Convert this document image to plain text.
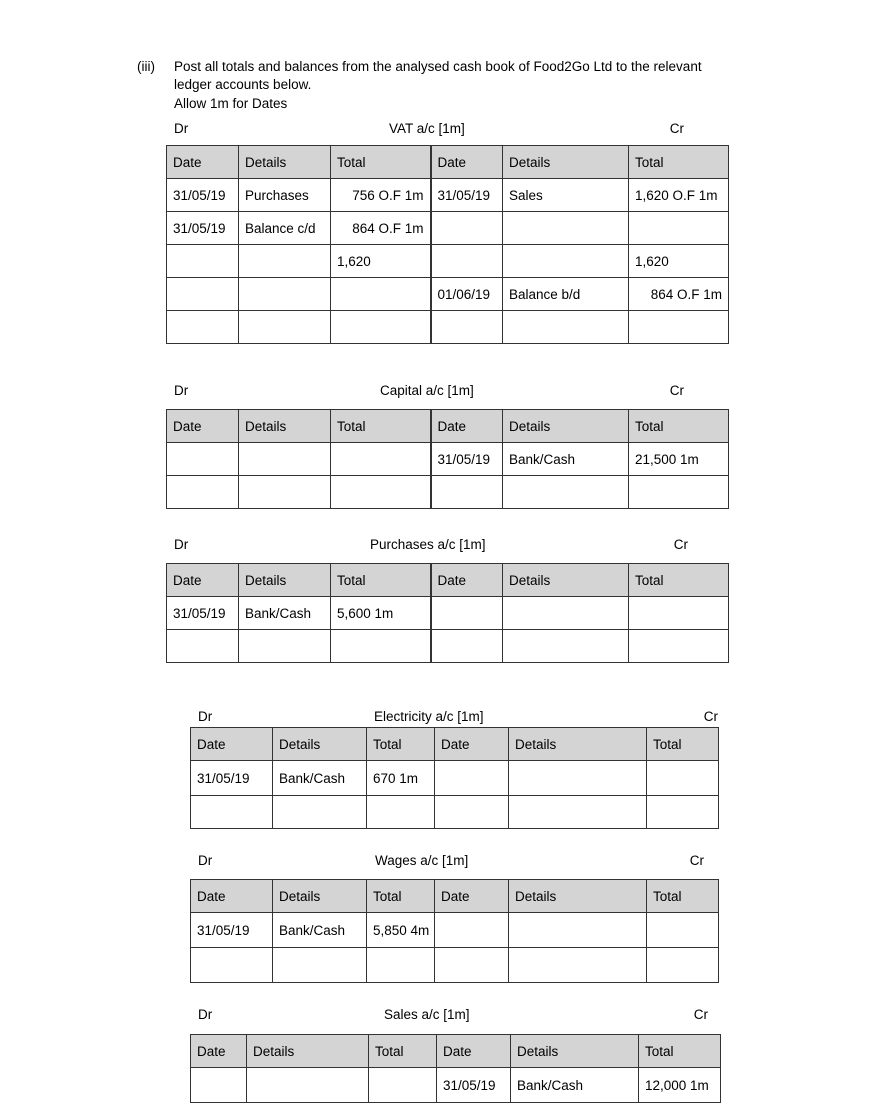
(iii) Post all totals and balances from the analysed cash book of Food2Go Ltd to the relevant
ledger accounts below.
Allow 1m for Dates
Dr	VAT a/c [1m]	Cr
Date	Details	Total	Date	Details	Total
31/05/19	Purchases	756 O.F 1m	31/05/19	Sales	1,620 O.F 1m
31/05/19	Balance c/d	864 O.F 1m			
		1,620			1,620
			01/06/19	Balance b/d	864 O.F 1m

Dr	Capital a/c [1m]	Cr
Date	Details	Total	Date	Details	Total
			31/05/19	Bank/Cash	21,500 1m

Dr	Purchases a/c [1m]	Cr
Date	Details	Total	Date	Details	Total
31/05/19	Bank/Cash	5,600 1m			

Dr	Electricity a/c [1m]	Cr
Date	Details	Total	Date	Details	Total
31/05/19	Bank/Cash	670 1m			

Dr	Wages a/c [1m]	Cr
Date	Details	Total	Date	Details	Total
31/05/19	Bank/Cash	5,850 4m			

Dr	Sales a/c [1m]	Cr
Date	Details	Total	Date	Details	Total
			31/05/19	Bank/Cash	12,000 1m
